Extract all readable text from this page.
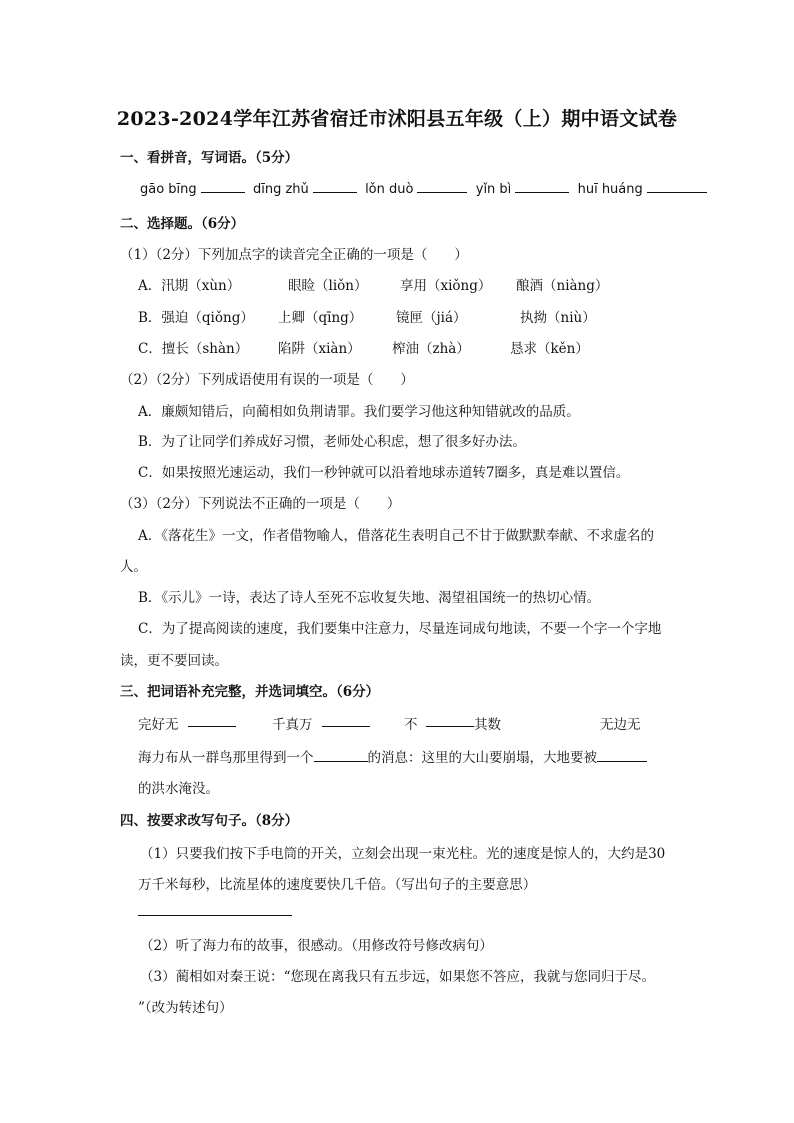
2023-2024学年江苏省宿迁市沭阳县五年级（上）期中语文试卷
一、看拼音，写词语。（5分）
gāo bīng	dīng zhǔ	lǒn duò	yǐn bì	huī huáng
二、选择题。（6分）
（1）（2分）下列加点字的读音完全正确的一项是（　　）
A．汛期（xùn）	眼睑（liǒn） 享用（xiǒng） 酿酒（niàng）
B．强迫（qiǒng） 上卿（qīng） 镜匣（jiá）	执拗（niù）
C．擅长（shàn） 陷阱（xiàn） 榨油（zhà）	恳求（kěn）
（2）（2分）下列成语使用有误的一项是（　　）
A．廉颇知错后，向蔺相如负荆请罪。我们要学习他这种知错就改的品质。
B．为了让同学们养成好习惯，老师处心积虑，想了很多好办法。
C．如果按照光速运动，我们一秒钟就可以沿着地球赤道转7圈多，真是难以置信。
（3）（2分）下列说法不正确的一项是（　　）
A．《落花生》一文，作者借物喻人，借落花生表明自己不甘于做默默奉献、不求虚名的
人。
B．《示儿》一诗，表达了诗人至死不忘收复失地、渴望祖国统一的热切心情。
C．为了提高阅读的速度，我们要集中注意力，尽量连词成句地读，不要一个字一个字地
读，更不要回读。
三、把词语补充完整，并选词填空。（6分）
完好无	千真万	不	其数	无边无
海力布从一群鸟那里得到一个	的消息：这里的大山要崩塌，大地要被
的洪水淹没。
四、按要求改写句子。（8分）
（1）只要我们按下手电筒的开关，立刻会出现一束光柱。光的速度是惊人的，大约是30
万千米每秒，比流星体的速度要快几千倍。（写出句子的主要意思）
（2）听了海力布的故事，很感动。（用修改符号修改病句）
（3）蔺相如对秦王说：“您现在离我只有五步远，如果您不答应，我就与您同归于尽。
”（改为转述句）
